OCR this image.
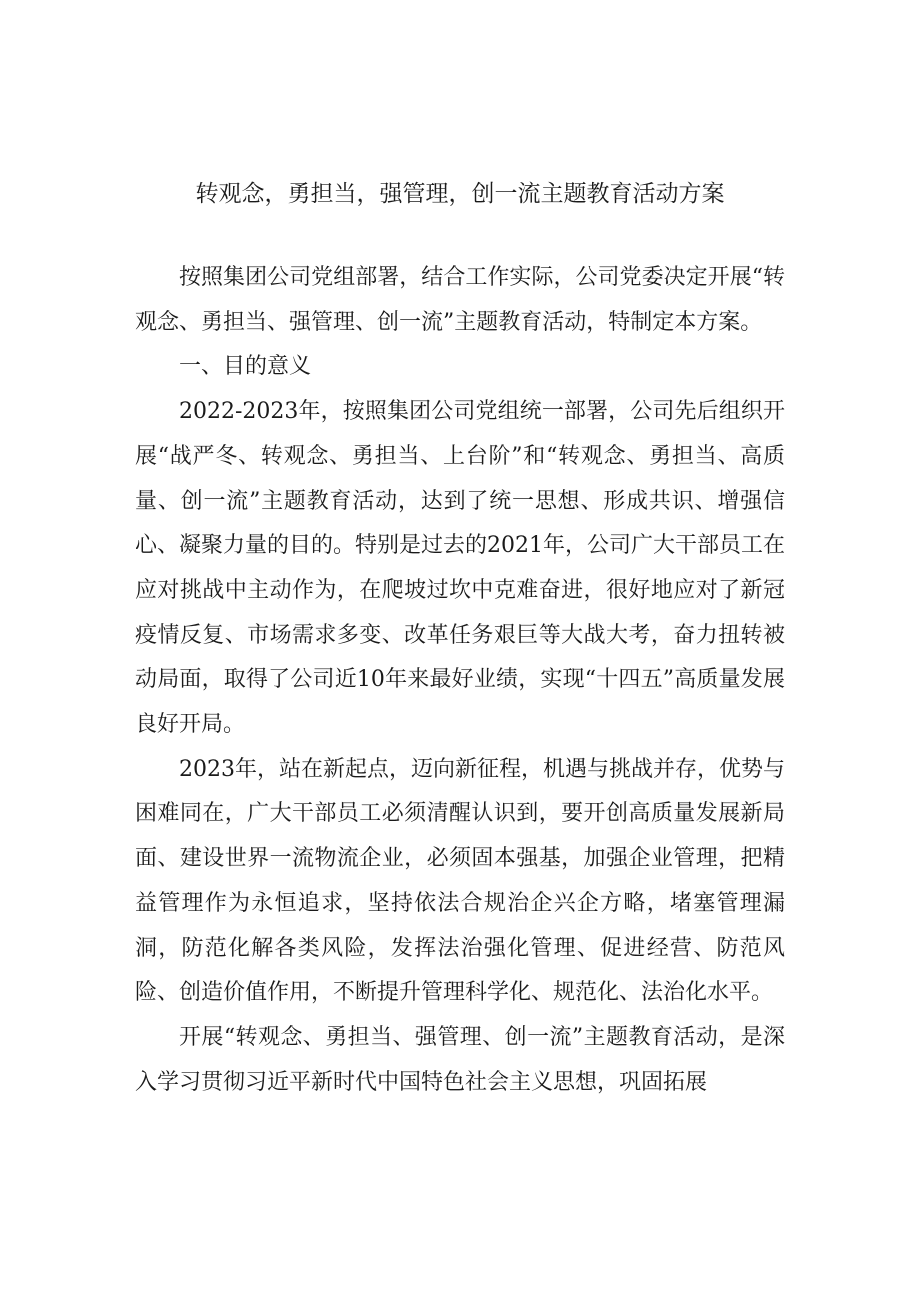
转观念，勇担当，强管理，创一流主题教育活动方案

按照集团公司党组部署，结合工作实际，公司党委决定开展“转观念、勇担当、强管理、创一流”主题教育活动，特制定本方案。

一、目的意义

2022-2023年，按照集团公司党组统一部署，公司先后组织开展“战严冬、转观念、勇担当、上台阶”和“转观念、勇担当、高质量、创一流”主题教育活动，达到了统一思想、形成共识、增强信心、凝聚力量的目的。特别是过去的2021年，公司广大干部员工在应对挑战中主动作为，在爬坡过坎中克难奋进，很好地应对了新冠疫情反复、市场需求多变、改革任务艰巨等大战大考，奋力扭转被动局面，取得了公司近10年来最好业绩，实现“十四五”高质量发展良好开局。

2023年，站在新起点，迈向新征程，机遇与挑战并存，优势与困难同在，广大干部员工必须清醒认识到，要开创高质量发展新局面、建设世界一流物流企业，必须固本强基，加强企业管理，把精益管理作为永恒追求，坚持依法合规治企兴企方略，堵塞管理漏洞，防范化解各类风险，发挥法治强化管理、促进经营、防范风险、创造价值作用，不断提升管理科学化、规范化、法治化水平。

开展“转观念、勇担当、强管理、创一流”主题教育活动，是深入学习贯彻习近平新时代中国特色社会主义思想，巩固拓展
